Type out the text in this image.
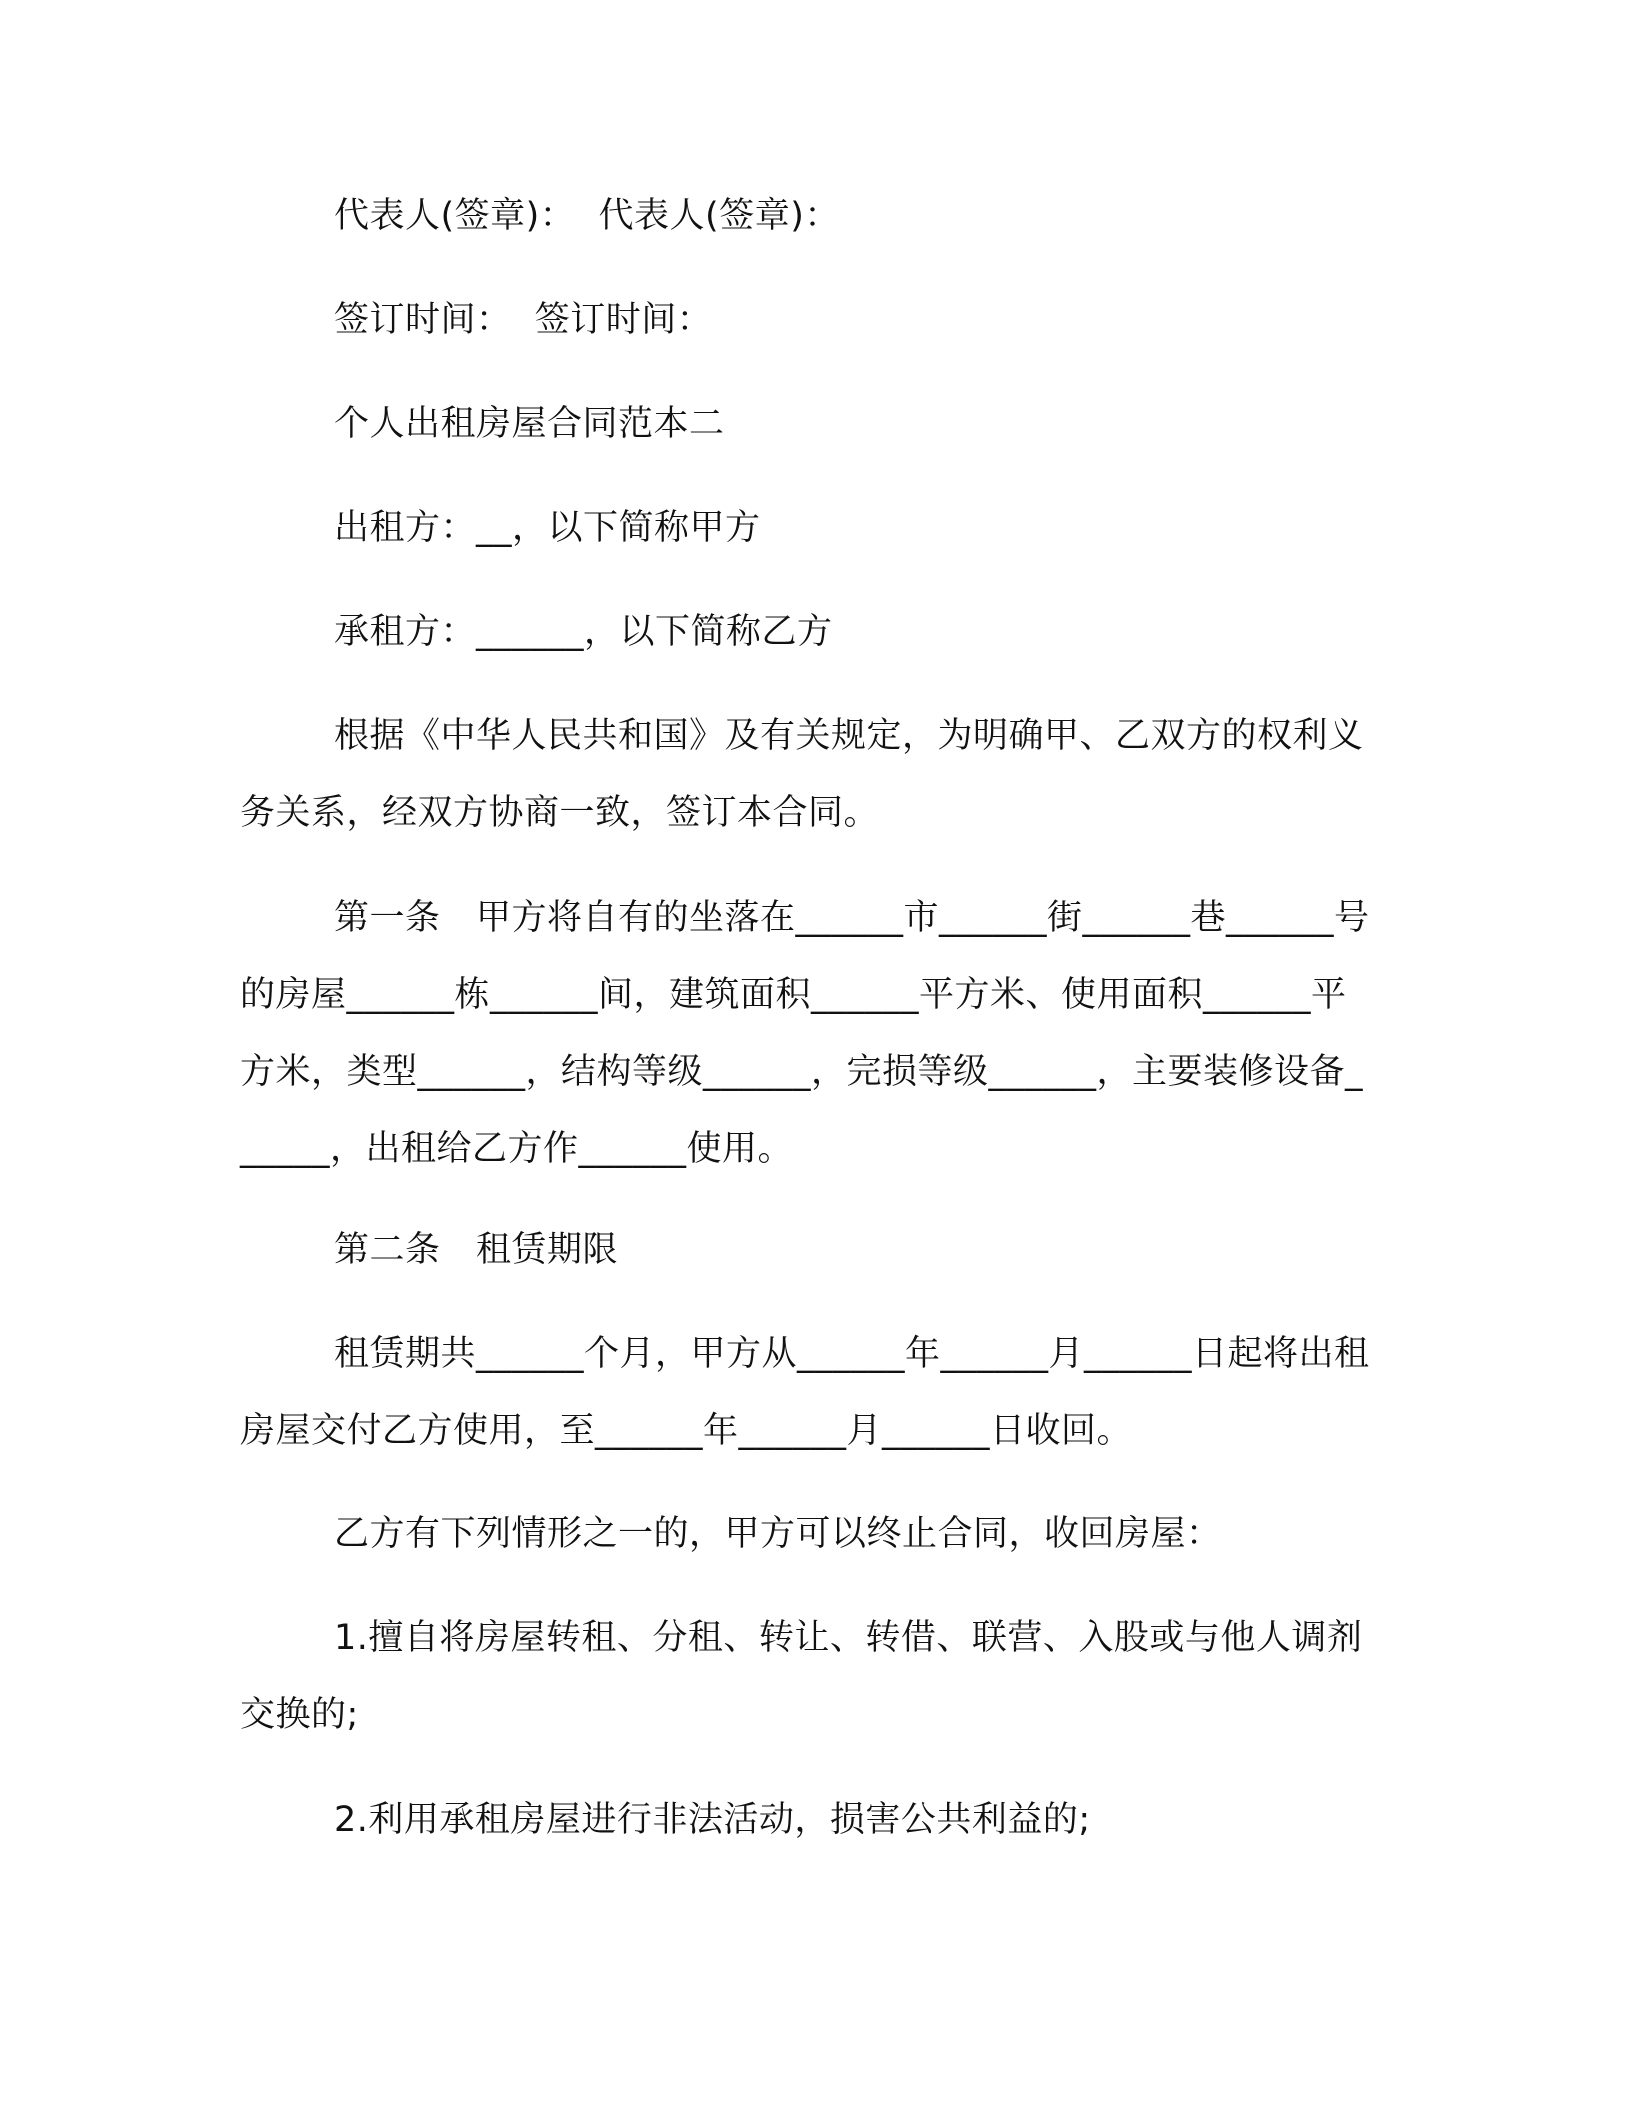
代表人(签章)：  代表人(签章)：

签订时间：  签订时间：

个人出租房屋合同范本二

出租方：__，以下简称甲方

承租方：______，以下简称乙方

根据《中华人民共和国》及有关规定，为明确甲、乙双方的权利义务关系，经双方协商一致，签订本合同。

第一条　甲方将自有的坐落在______市______街______巷______号的房屋______栋______间，建筑面积______平方米、使用面积______平方米，类型______，结构等级______，完损等级______，主要装修设备______，出租给乙方作______使用。

第二条　租赁期限

租赁期共______个月，甲方从______年______月______日起将出租房屋交付乙方使用，至______年______月______日收回。

乙方有下列情形之一的，甲方可以终止合同，收回房屋：

1.擅自将房屋转租、分租、转让、转借、联营、入股或与他人调剂交换的;

2.利用承租房屋进行非法活动，损害公共利益的;
